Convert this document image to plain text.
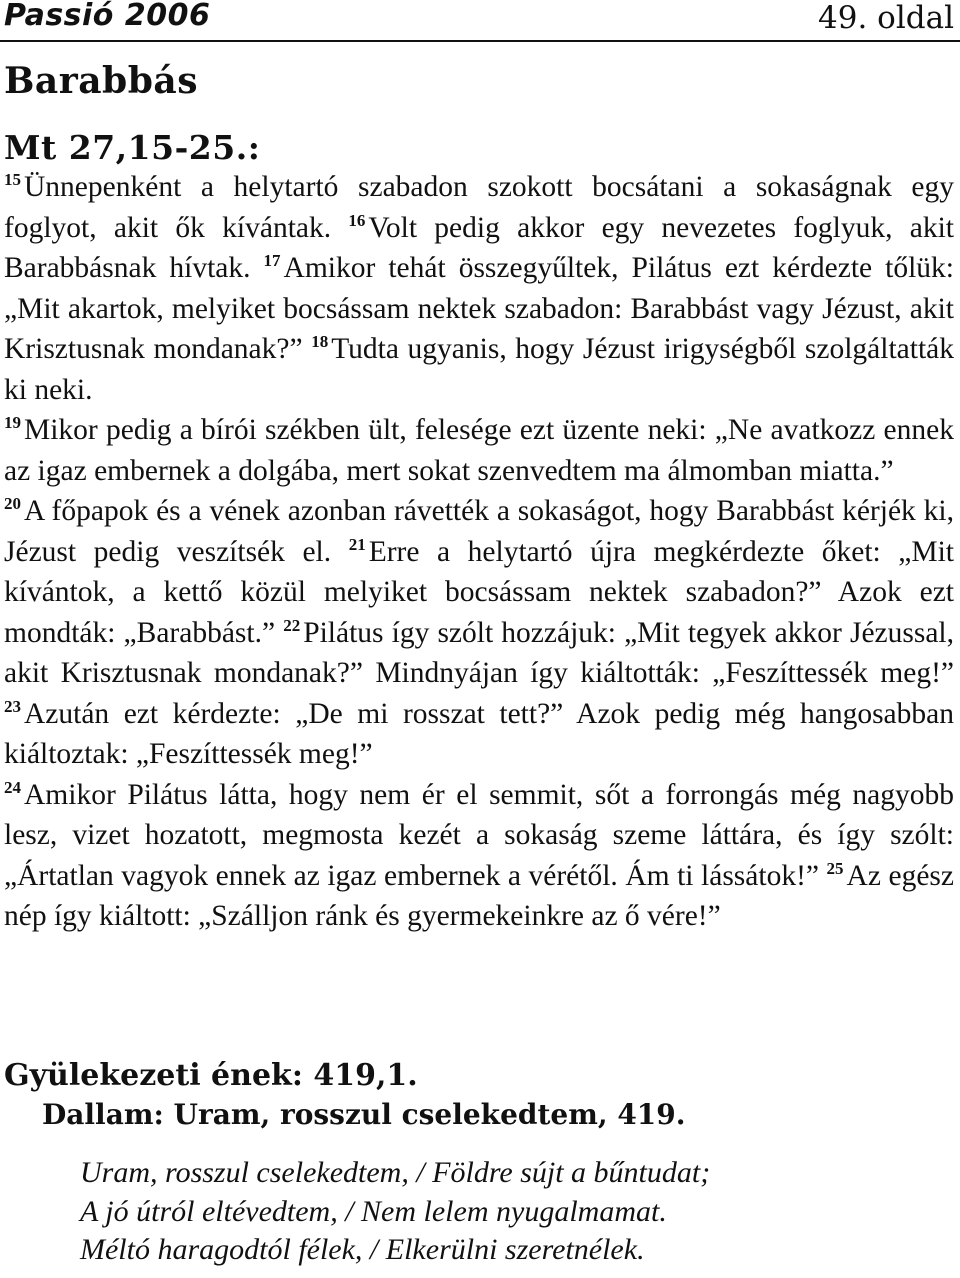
Passió 2006	49. oldal
Barabbás
Mt 27,15-25.:

$^{15}$ Ünnepenként a helytartó szabadon szokott bocsátani a sokaságnak egy foglyot, akit ők kívántak. $^{16}$ Volt pedig akkor egy nevezetes foglyuk, akit Barabbásnak hívtak. $^{17}$ Amikor tehát összegyűltek, Pilátus ezt kérdezte tőlük: „Mit akartok, melyiket bocsássam nektek szabadon: Barabbást vagy Jézust, akit Krisztusnak mondanak?” $^{18}$ Tudta ugyanis, hogy Jézust irigységből szolgáltatták ki neki.

$^{19}$ Mikor pedig a bírói székben ült, felesége ezt üzente neki: „Ne avatkozz ennek az igaz embernek a dolgába, mert sokat szenvedtem ma álmomban miatta.”

$^{20}$ A főpapok és a vének azonban rávették a sokaságot, hogy Barabbást kérjék ki, Jézust pedig veszítsék el. $^{21}$ Erre a helytartó újra megkérdezte őket: „Mit kívántok, a kettő közül melyiket bocsássam nektek szabadon?” Azok ezt mondták: „Barabbást.” $^{22}$ Pilátus így szólt hozzájuk: „Mit tegyek akkor Jézussal, akit Krisztusnak mondanak?” Mindnyájan így kiáltották: „Feszíttessék meg!” $^{23}$ Azután ezt kérdezte: „De mi rosszat tett?” Azok pedig még hangosabban kiáltoztak: „Feszíttessék meg!”

$^{24}$ Amikor Pilátus látta, hogy nem ér el semmit, sőt a forrongás még nagyobb lesz, vizet hozatott, megmosta kezét a sokaság szeme láttára, és így szólt: „Ártatlan vagyok ennek az igaz embernek a vérétől. Ám ti lássátok!” $^{25}$ Az egész nép így kiáltott: „Szálljon ránk és gyermekeinkre az ő vére!”

Gyülekezeti ének: 419,1.
Dallam: Uram, rosszul cselekedtem, 419.
Uram, rosszul cselekedtem, / Földre sújt a bűntudat;
A jó útról eltévedtem, / Nem lelem nyugalmamat.
Méltó haragodtól félek, / Elkerülni szeretnélek.
